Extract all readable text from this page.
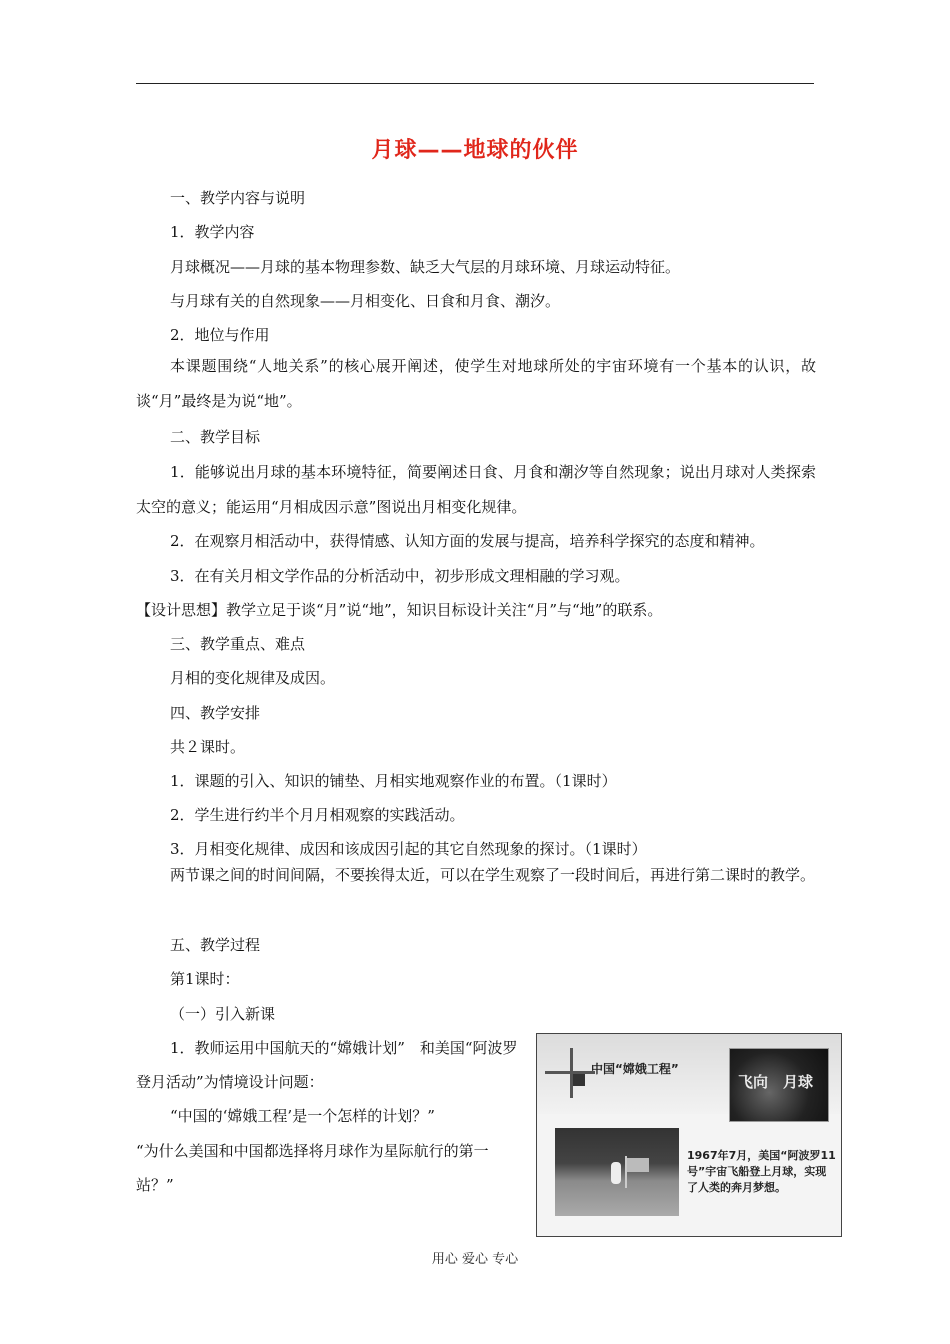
月球——地球的伙伴
一、教学内容与说明
1．教学内容
月球概况——月球的基本物理参数、缺乏大气层的月球环境、月球运动特征。
与月球有关的自然现象——月相变化、日食和月食、潮汐。
2．地位与作用
本课题围绕“人地关系”的核心展开阐述，使学生对地球所处的宇宙环境有一个基本的认识，故谈“月”最终是为说“地”。
二、教学目标
1．能够说出月球的基本环境特征，简要阐述日食、月食和潮汐等自然现象；说出月球对人类探索太空的意义；能运用“月相成因示意”图说出月相变化规律。
2．在观察月相活动中，获得情感、认知方面的发展与提高，培养科学探究的态度和精神。
3．在有关月相文学作品的分析活动中，初步形成文理相融的学习观。
【设计思想】教学立足于谈“月”说“地”，知识目标设计关注“月”与“地”的联系。
三、教学重点、难点
月相的变化规律及成因。
四、教学安排
共２课时。
1．课题的引入、知识的铺垫、月相实地观察作业的布置。（1课时）
2．学生进行约半个月月相观察的实践活动。
3．月相变化规律、成因和该成因引起的其它自然现象的探讨。（1课时）
两节课之间的时间间隔，不要挨得太近，可以在学生观察了一段时间后，再进行第二课时的教学。
五、教学过程
第1课时：
（一）引入新课
1．教师运用中国航天的“嫦娥计划”　和美国“阿波罗登月活动”为情境设计问题：
“中国的‘嫦娥工程’是一个怎样的计划？”
“为什么美国和中国都选择将月球作为星际航行的第一站？”
中国“嫦娥工程”
飞向　月球
1967年7月，美国“阿波罗11号”宇宙飞船登上月球，实现了人类的奔月梦想。
用心 爱心 专心
